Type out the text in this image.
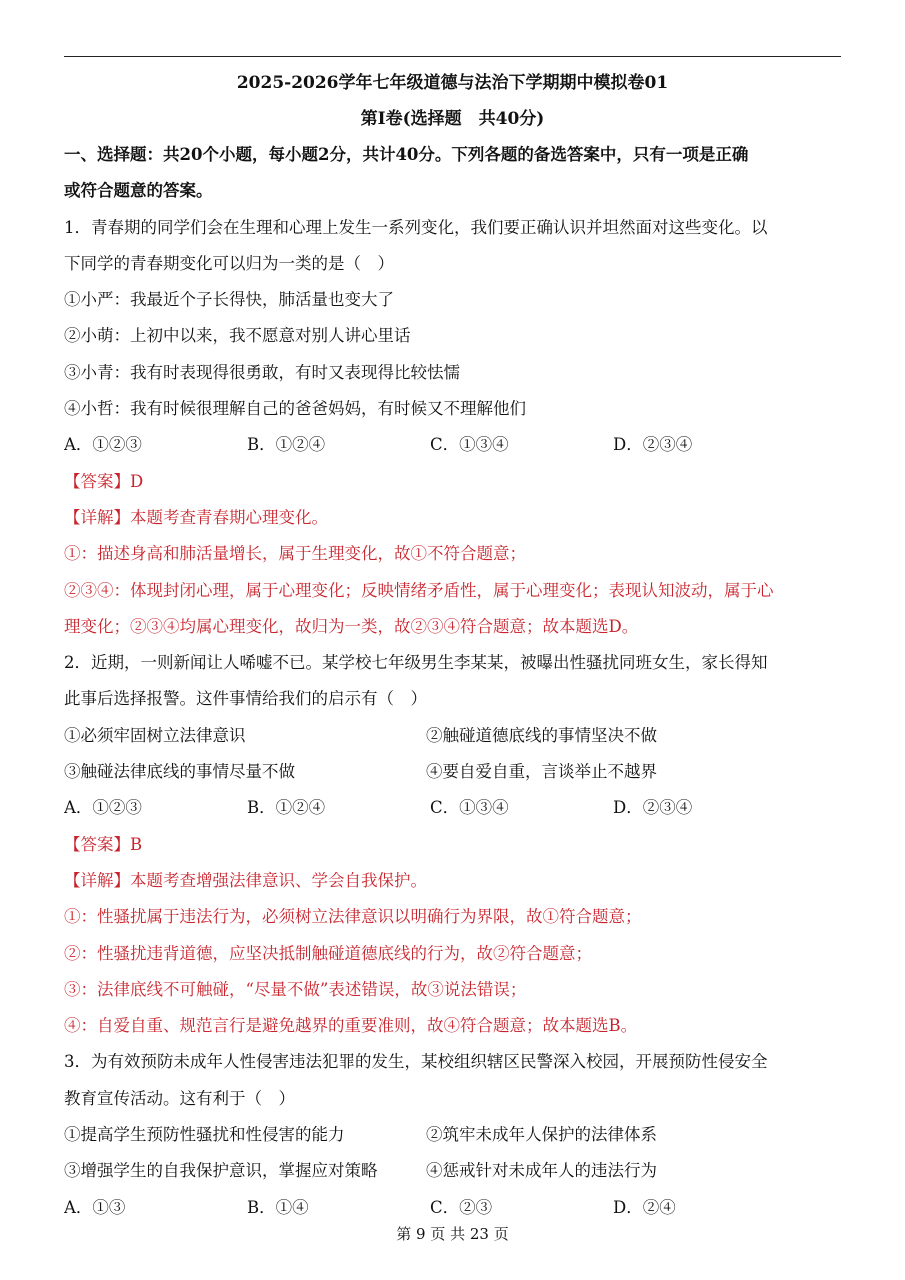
2025-2026学年七年级道德与法治下学期期中模拟卷01
第Ⅰ卷(选择题　共40分)
一、选择题：共20个小题，每小题2分，共计40分。下列各题的备选答案中，只有一项是正确
或符合题意的答案。
1．青春期的同学们会在生理和心理上发生一系列变化，我们要正确认识并坦然面对这些变化。以
下同学的青春期变化可以归为一类的是（　）
①小严：我最近个子长得快，肺活量也变大了
②小萌：上初中以来，我不愿意对别人讲心里话
③小青：我有时表现得很勇敢，有时又表现得比较怯懦
④小哲：我有时候很理解自己的爸爸妈妈，有时候又不理解他们
A．①②③	B．①②④	C．①③④	D．②③④
【答案】D
【详解】本题考查青春期心理变化。
①：描述身高和肺活量增长，属于生理变化，故①不符合题意；
②③④：体现封闭心理，属于心理变化；反映情绪矛盾性，属于心理变化；表现认知波动，属于心
理变化；②③④均属心理变化，故归为一类，故②③④符合题意；故本题选D。
2．近期，一则新闻让人唏嘘不已。某学校七年级男生李某某，被曝出性骚扰同班女生，家长得知
此事后选择报警。这件事情给我们的启示有（　）
①必须牢固树立法律意识	②触碰道德底线的事情坚决不做
③触碰法律底线的事情尽量不做	④要自爱自重，言谈举止不越界
A．①②③	B．①②④	C．①③④	D．②③④
【答案】B
【详解】本题考查增强法律意识、学会自我保护。
①：性骚扰属于违法行为，必须树立法律意识以明确行为界限，故①符合题意；
②：性骚扰违背道德，应坚决抵制触碰道德底线的行为，故②符合题意；
③：法律底线不可触碰，“尽量不做”表述错误，故③说法错误；
④：自爱自重、规范言行是避免越界的重要准则，故④符合题意；故本题选B。
3．为有效预防未成年人性侵害违法犯罪的发生，某校组织辖区民警深入校园，开展预防性侵安全
教育宣传活动。这有利于（　）
①提高学生预防性骚扰和性侵害的能力	②筑牢未成年人保护的法律体系
③增强学生的自我保护意识，掌握应对策略	④惩戒针对未成年人的违法行为
A．①③	B．①④	C．②③	D．②④
第 9 页 共 23 页
